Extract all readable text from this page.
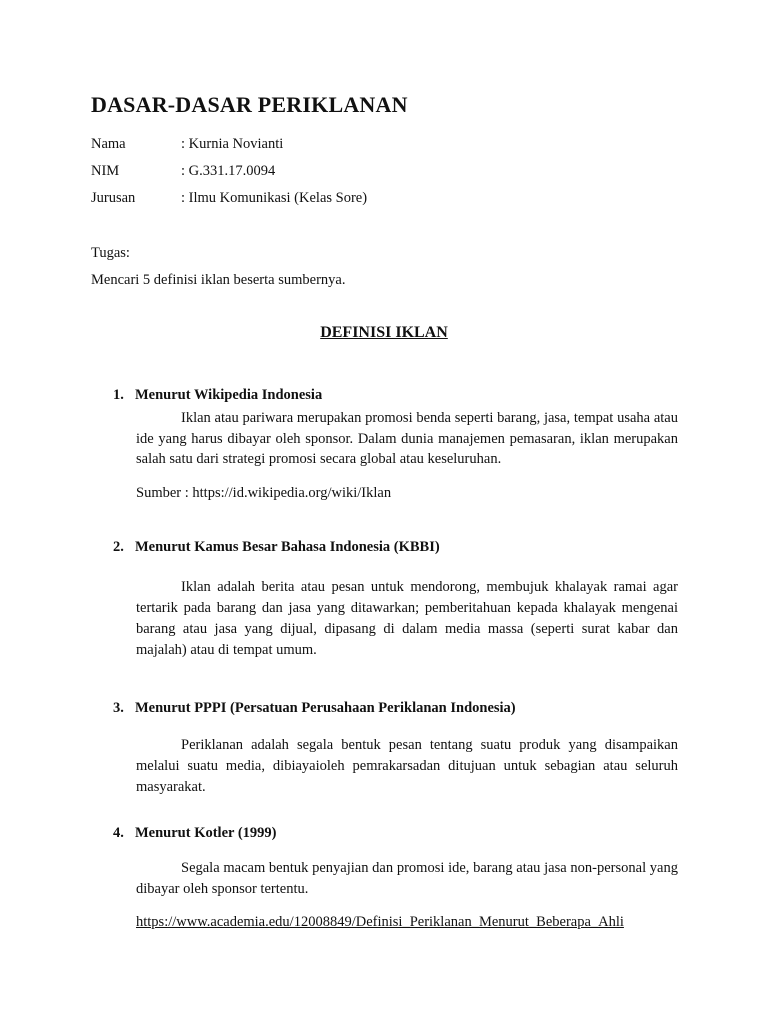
DASAR-DASAR PERIKLANAN
Nama	: Kurnia Novianti
NIM	: G.331.17.0094
Jurusan	: Ilmu Komunikasi (Kelas Sore)
Tugas:
Mencari 5 definisi iklan beserta sumbernya.
DEFINISI IKLAN
1. Menurut Wikipedia Indonesia

Iklan atau pariwara merupakan promosi benda seperti barang, jasa, tempat usaha atau ide yang harus dibayar oleh sponsor. Dalam dunia manajemen pemasaran, iklan merupakan salah satu dari strategi promosi secara global atau keseluruhan.

Sumber : https://id.wikipedia.org/wiki/Iklan
2. Menurut Kamus Besar Bahasa Indonesia (KBBI)

Iklan adalah berita atau pesan untuk mendorong, membujuk khalayak ramai agar tertarik pada barang dan jasa yang ditawarkan; pemberitahuan kepada khalayak mengenai barang atau jasa yang dijual, dipasang di dalam media massa (seperti surat kabar dan majalah) atau di tempat umum.

3. Menurut PPPI (Persatuan Perusahaan Periklanan Indonesia)

Periklanan adalah segala bentuk pesan tentang suatu produk yang disampaikan melalui suatu media, dibiayaioleh pemrakarsadan ditujuan untuk sebagian atau seluruh masyarakat.

4. Menurut Kotler (1999)

Segala macam bentuk penyajian dan promosi ide, barang atau jasa non-personal yang dibayar oleh sponsor tertentu.

https://www.academia.edu/12008849/Definisi_Periklanan_Menurut_Beberapa_Ahli
